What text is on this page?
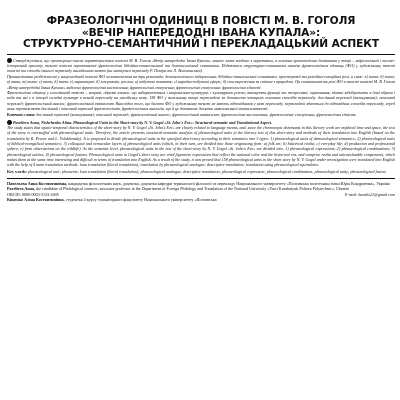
ФРАЗЕОЛОГІЧНІ ОДИНИЦІ В ПОВІСТІ М. В. ГОГОЛЯ
«ВЕЧІР НАПЕРЕДОДНІ ІВАНА КУПАЛА»:
СТРУКТУРНО-СЕМАНТИЧНИЙ І ПЕРЕКЛАДАЦЬКИЙ АСПЕКТ

Стверджується, що простороно-часові характеристики повісті М. В. Гоголя «Вечір напередодні Івана Купала» неначе злиті воєдино з наративом, а основна хронотопічна домінанта у творі – міфологічний і часово-історичний простір, тексті повісті перевтомлює фразеологічні біблійно-євангельський та демонологічний семантика. Подаються структурно-семантичні аналізи фразеологічних одиниць (ФО) у художньому тексті повісті та способи їхнього перекладу англійською мовою (на матеріалі перекладу Р. Певера та Л. Волохонської).

Проаналізовані розбіжності у вищезгаданій повісті ФО за контекстом на три різновиди: демонологічного забарвлення; біблійно-євангельської семантики; просторової та релігійно-емоційної ролі, а саме: в) типи; б) типи; в) типи, т) типи; г) типи; д) типи; є) характерні; б) іспоризмів; рослин; в) побутові поняття; г) народно-побутові сфери; д) спостереження за світом з природою. Ця семантичність ролі ФО в тексті повісті М. В. Гоголя «Вечір напередодні Івана Купала» виділено фразеологічні висловлення; фразеологічні сполучення; фразеологічні сполучення; фразеологічні єдності.

Фразеологічні одиниці у гоголівській повісті – яскраві, образні взагалі, що забарвлюються і національно-культурні, і культурною роллю; виконують функції та експресивні, оцінювання, здатні відображати в дані образи і коди та які є в історії складні культурі в певній перекладу на англійську мову. 158 ФО у загальному творі перекладені за допомогою чотирьох основних способів перекладу: дослівний переклад (калькування); описовий переклад; фразеологічний аналог; фразеологічний еквівалент. Внаслідок того, що багато ФО у художньому тексті не мають відповідників у мові перекладу, перекладачі вдаються до відповідних способів перекладу, серед яких переважають дослівний і описовий переклад фразеологізмів, фразеологічних аналогів, що й це допомагає досягти максимальної еквівалентності.

Ключові слова: дослівний переклад (калькування); описовий переклад; фразеологічний аналог; фразеологічний еквівалент; фразеологічне висловлення; фразеологічне сполучення; фразеологічна єдність.

Pavelieva Anna, Nishchenko Alina. Phraseological Units in the Short-story by N. V. Gogol «St. John's Eve»: Structural-semantic and Translational Aspect.

The study states that spatio-temporal characteristics of the short-story by N. V. Gogol «St. John's Eve» are closely related to language means, and, since the chronotopic dominants in this literary work are mythical time and space, the text of the story is overstuffed with phraseological units. Therefore, the article presents structural-semantic analysis of phraseological units in the literary text of this short-story and methods of their translation into English (based on the translation by R. Pevear and L. Volokhonsky). It is proposed to divide phraseological units in the specified short-story according to their semantics into 3 types: 1) phraseological units of demonological semantics; 2) phraseological units of biblical-evangelical semantics; 3) colloquial and vernacular layers of phraseological units (which, in their turn, are divided into those originating from: a) folk art; b) historical realia; c) everyday life; d) production and professional sphere; e) from observations on the wildlife). As the semantic level, phraseological units in the text of the short-story by N. V. Gogol «St. John's Eve» are divided into: 1) phraseological expressions; 2) phraseological combinations; 3) phraseological unities; 4) phraseological fusions. Phraseological units in Gogol's short story are vivid figurative expressions that reflect the national color and the historical era, and comprise realia and untranslatable components, which makes them at the same time interesting and difficult in terms of translation into English. As a result of the study, it was proved that 158 phraseological units in the short story by N. V. Gogol under investigation were translated into English with the help of 4 main translation methods: loan translation (literal translation); translation by phraseological analogue; descriptive translation; translation using phraseological equivalents.

Key words: phraseological unit; phraseme; loan translation (literal translation); phraseological analogue, descriptive translation; phraseological expression; phraseological combination; phraseological unity; phraseological fusion.

Павельєва Анна Костянтинівна, кандидатка філологічних наук, доцентка, доцентка кафедри термінології філології та перекладу Національного університету «Полтавська політехніка імені Юрія Кондратюка», Україна

Pavelieva Anna, the candidate of Philological sciences, associate professor at the Department of Foreign Philology and Translation of the National University «Yurii Kondratyuk Poltava Polytechnic», Ukraine

ORCID: 0000-0003-3133-2005	E-mail: hanslts21@gmail.com

Кіщенко Аліна Костянтинівна, студентка 4 курсу гуманітарного факультету Національного університету «Полтавська
